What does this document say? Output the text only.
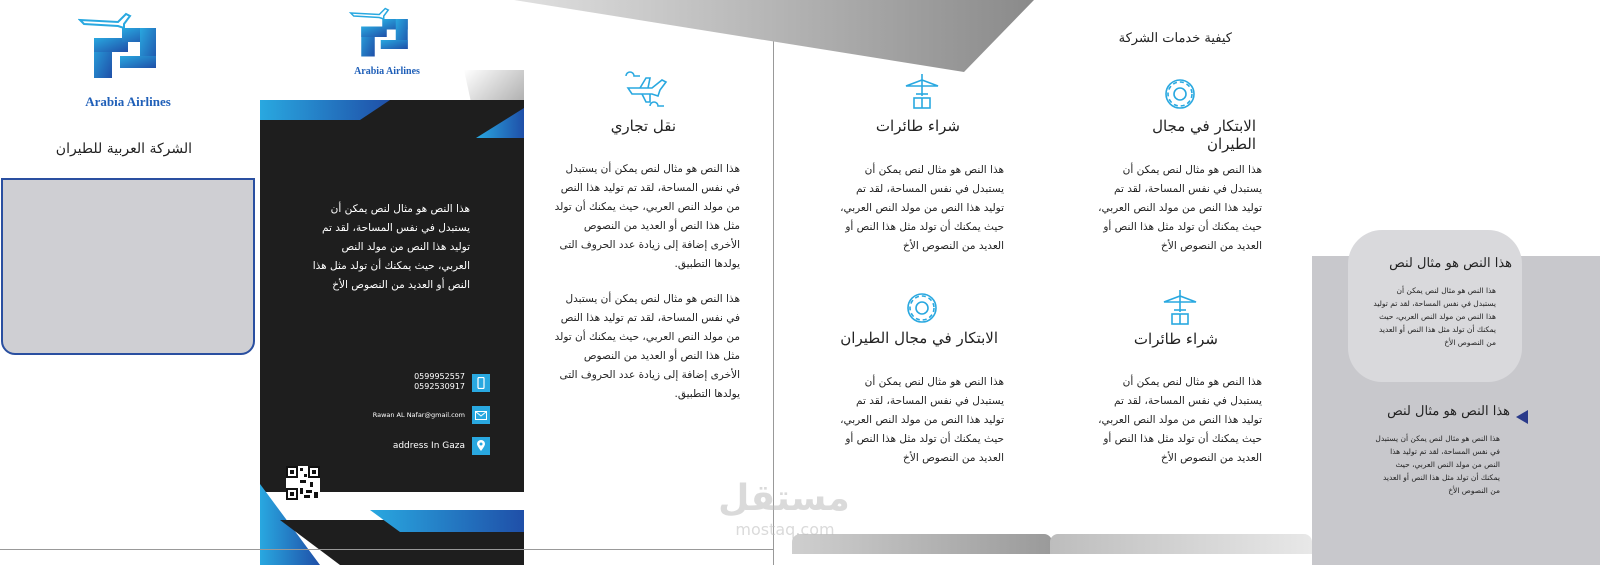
Arabia Airlines
الشركة العربية للطيران
Arabia Airlines
هذا النص هو مثال لنص يمكن أن يستبدل في نفس المساحة، لقد تم توليد هذا النص من مولد النص العربي، حيث يمكنك أن تولد مثل هذا النص أو العديد من النصوص الأخ
0599952557
0592530917
Rawan AL Nafar@gmail.com
address In Gaza
نقل تجاري
هذا النص هو مثال لنص يمكن أن يستبدل في نفس المساحة، لقد تم توليد هذا النص من مولد النص العربي، حيث يمكنك أن تولد مثل هذا النص أو العديد من النصوص الأخرى إضافة إلى زيادة عدد الحروف التى يولدها التطبيق.
هذا النص هو مثال لنص يمكن أن يستبدل في نفس المساحة، لقد تم توليد هذا النص من مولد النص العربي، حيث يمكنك أن تولد مثل هذا النص أو العديد من النصوص الأخرى إضافة إلى زيادة عدد الحروف التى يولدها التطبيق.
كيفية خدمات الشركة
الابتكار في مجال الطيران
هذا النص هو مثال لنص يمكن أن يستبدل في نفس المساحة، لقد تم توليد هذا النص من مولد النص العربي، حيث يمكنك أن تولد مثل هذا النص أو العديد من النصوص الأخ
شراء طائرات
هذا النص هو مثال لنص يمكن أن يستبدل في نفس المساحة، لقد تم توليد هذا النص من مولد النص العربي، حيث يمكنك أن تولد مثل هذا النص أو العديد من النصوص الأخ
شراء طائرات
هذا النص هو مثال لنص يمكن أن يستبدل في نفس المساحة، لقد تم توليد هذا النص من مولد النص العربي، حيث يمكنك أن تولد مثل هذا النص أو العديد من النصوص الأخ
الابتكار في مجال الطيران
هذا النص هو مثال لنص يمكن أن يستبدل في نفس المساحة، لقد تم توليد هذا النص من مولد النص العربي، حيث يمكنك أن تولد مثل هذا النص أو العديد من النصوص الأخ
هذا النص هو مثال لنص
هذا النص هو مثال لنص يمكن أن يستبدل في نفس المساحة، لقد تم توليد هذا النص من مولد النص العربي، حيث يمكنك أن تولد مثل هذا النص أو العديد من النصوص الأخ
هذا النص هو مثال لنص
هذا النص هو مثال لنص يمكن أن يستبدل في نفس المساحة، لقد تم توليد هذا النص من مولد النص العربي، حيث يمكنك أن تولد مثل هذا النص أو العديد من النصوص الأخ
مستقل
mostaq.com
